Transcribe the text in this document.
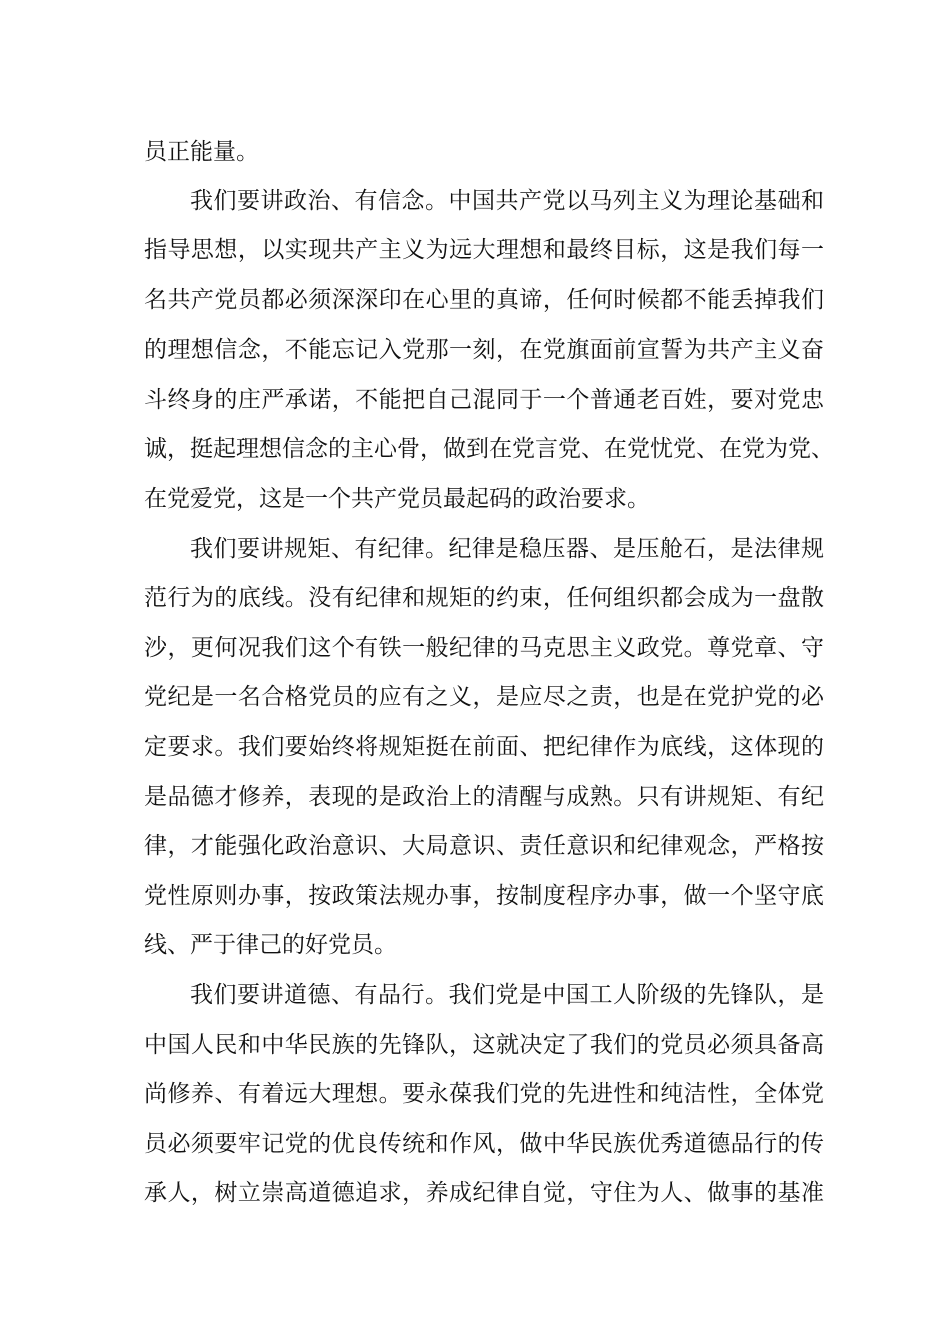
员正能量。
我们要讲政治、有信念。中国共产党以马列主义为理论基础和
指导思想，以实现共产主义为远大理想和最终目标，这是我们每一
名共产党员都必须深深印在心里的真谛，任何时候都不能丢掉我们
的理想信念，不能忘记入党那一刻，在党旗面前宣誓为共产主义奋
斗终身的庄严承诺，不能把自己混同于一个普通老百姓，要对党忠
诚，挺起理想信念的主心骨，做到在党言党、在党忧党、在党为党、
在党爱党，这是一个共产党员最起码的政治要求。
我们要讲规矩、有纪律。纪律是稳压器、是压舱石，是法律规
范行为的底线。没有纪律和规矩的约束，任何组织都会成为一盘散
沙，更何况我们这个有铁一般纪律的马克思主义政党。尊党章、守
党纪是一名合格党员的应有之义，是应尽之责，也是在党护党的必
定要求。我们要始终将规矩挺在前面、把纪律作为底线，这体现的
是品德才修养，表现的是政治上的清醒与成熟。只有讲规矩、有纪
律，才能强化政治意识、大局意识、责任意识和纪律观念，严格按
党性原则办事，按政策法规办事，按制度程序办事，做一个坚守底
线、严于律己的好党员。
我们要讲道德、有品行。我们党是中国工人阶级的先锋队，是
中国人民和中华民族的先锋队，这就决定了我们的党员必须具备高
尚修养、有着远大理想。要永葆我们党的先进性和纯洁性，全体党
员必须要牢记党的优良传统和作风，做中华民族优秀道德品行的传
承人，树立崇高道德追求，养成纪律自觉，守住为人、做事的基准
